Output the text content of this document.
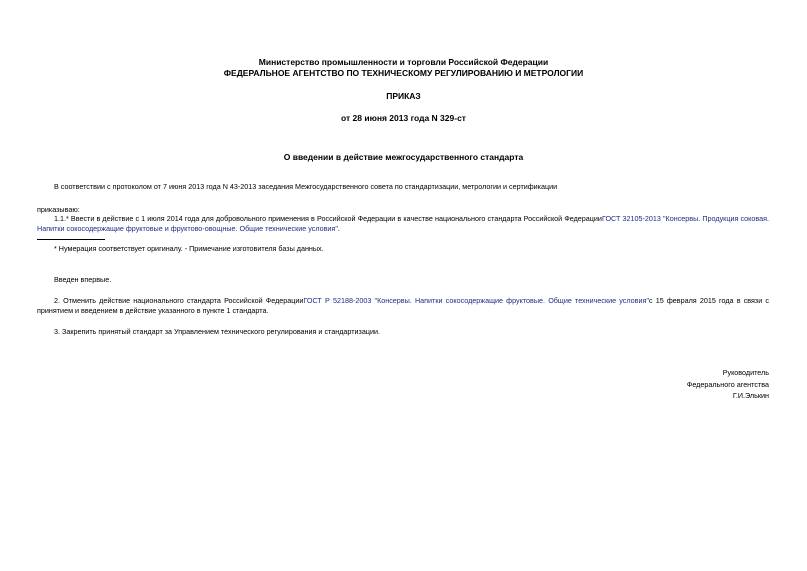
Министерство промышленности и торговли Российской Федерации
ФЕДЕРАЛЬНОЕ АГЕНТСТВО ПО ТЕХНИЧЕСКОМУ РЕГУЛИРОВАНИЮ И МЕТРОЛОГИИ
ПРИКАЗ
от 28 июня 2013 года N 329-ст
О введении в действие межгосударственного стандарта
В соответствии с протоколом от 7 июня 2013 года N 43-2013 заседания Межгосударственного совета по стандартизации, метрологии и сертификации
приказываю:
1.1.* Ввести в действие с 1 июля 2014 года для добровольного применения в Российской Федерации в качестве национального стандарта Российской ФедерацииГОСТ 32105-2013 "Консервы. Продукция соковая. Напитки сокосодержащие фруктовые и фруктово-овощные. Общие технические условия".
* Нумерация соответствует оригиналу. - Примечание изготовителя базы данных.
Введен впервые.
2. Отменить действие национального стандарта Российской ФедерацииГОСТ Р 52188-2003 "Консервы. Напитки сокосодержащие фруктовые. Общие технические условия"с 15 февраля 2015 года в связи с принятием и введением в действие указанного в пункте 1 стандарта.
3. Закрепить принятый стандарт за Управлением технического регулирования и стандартизации.
Руководитель
Федерального агентства
Г.И.Элькин
